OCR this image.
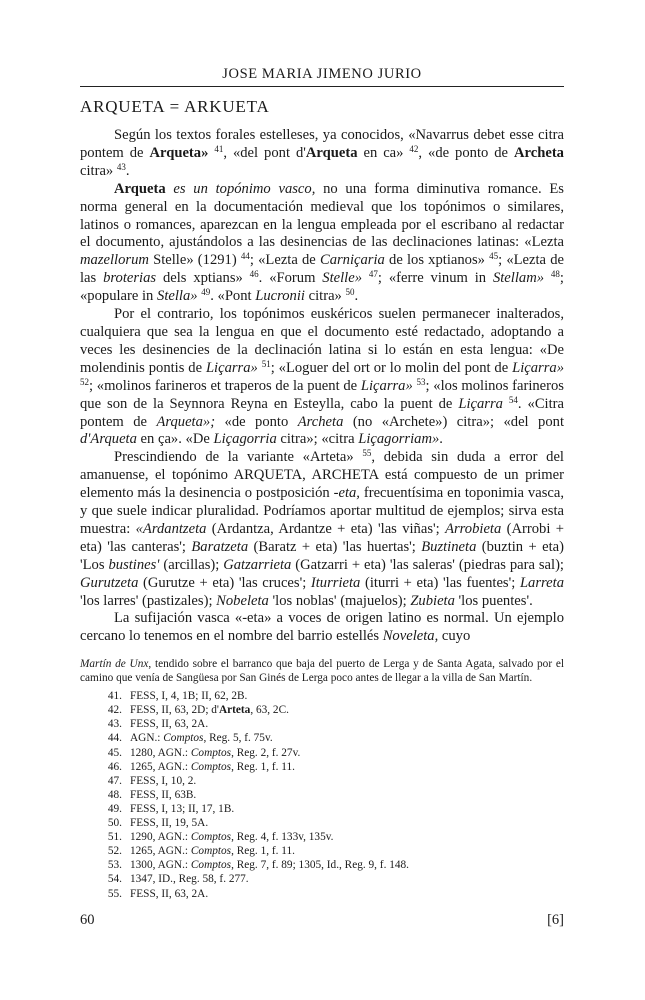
JOSE MARIA JIMENO JURIO
ARQUETA = ARKUETA

Según los textos forales estelleses, ya conocidos, «Navarrus debet esse citra pontem de Arqueta» $^{41}$, «del pont d'Arqueta en ca» $^{42}$, «de ponto de Archeta citra» $^{43}$.

Arqueta es un topónimo vasco, no una forma diminutiva romance. Es norma general en la documentación medieval que los topónimos o similares, latinos o romances, aparezcan en la lengua empleada por el escribano al redactar el documento, ajustándolos a las desinencias de las declinaciones latinas: «Lezta mazellorum Stelle» (1291) $^{44}$; «Lezta de Carniçaria de los xptianos» $^{45}$; «Lezta de las broterias dels xptians» $^{46}$. «Forum Stelle» $^{47}$; «ferre vinum in Stellam» $^{48}$; «populare in Stella» $^{49}$. «Pont Lucronii citra» $^{50}$.

Por el contrario, los topónimos euskéricos suelen permanecer inalterados, cualquiera que sea la lengua en que el documento esté redactado, adoptando a veces les desinencies de la declinación latina si lo están en esta lengua: «De molendinis pontis de Liçarra» $^{51}$; «Loguer del ort or lo molin del pont de Liçarra» $^{52}$; «molinos farineros et traperos de la puent de Liçarra» $^{53}$; «los molinos farineros que son de la Seynnora Reyna en Esteylla, cabo la puent de Liçarra $^{54}$. «Citra pontem de Arqueta»; «de ponto Archeta (no «Archete») citra»; «del pont d'Arqueta en ça». «De Liçagorria citra»; «citra Liçagorriam».

Prescindiendo de la variante «Arteta» $^{55}$, debida sin duda a error del amanuense, el topónimo ARQUETA, ARCHETA está compuesto de un primer elemento más la desinencia o postposición -eta, frecuentísima en toponimia vasca, y que suele indicar pluralidad. Podríamos aportar multitud de ejemplos; sirva esta muestra: «Ardantzeta (Ardantza, Ardantze + eta) 'las viñas'; Arrobieta (Arrobi + eta) 'las canteras'; Baratzeta (Baratz + eta) 'las huertas'; Buztineta (buztin + eta) 'Los bustines' (arcillas); Gatzarrieta (Gatzarri + eta) 'las saleras' (piedras para sal); Gurutzeta (Gurutze + eta) 'las cruces'; Iturrieta (iturri + eta) 'las fuentes'; Larreta 'los larres' (pastizales); Nobeleta 'los noblas' (majuelos); Zubieta 'los puentes'.

La sufijación vasca «-eta» a voces de origen latino es normal. Un ejemplo cercano lo tenemos en el nombre del barrio estellés Noveleta, cuyo

Martín de Unx, tendido sobre el barranco que baja del puerto de Lerga y de Santa Agata, salvado por el camino que venía de Sangüesa por San Ginés de Lerga poco antes de llegar a la villa de San Martín.

41. FESS, I, 4, 1B; II, 62, 2B.
42. FESS, II, 63, 2D; d'Arteta, 63, 2C.
43. FESS, II, 63, 2A.
44. AGN.: Comptos, Reg. 5, f. 75v.
45. 1280, AGN.: Comptos, Reg. 2, f. 27v.
46. 1265, AGN.: Comptos, Reg. 1, f. 11.
47. FESS, I, 10, 2.
48. FESS, II, 63B.
49. FESS, I, 13; II, 17, 1B.
50. FESS, II, 19, 5A.
51. 1290, AGN.: Comptos, Reg. 4, f. 133v, 135v.
52. 1265, AGN.: Comptos, Reg. 1, f. 11.
53. 1300, AGN.: Comptos, Reg. 7, f. 89; 1305, Id., Reg. 9, f. 148.
54. 1347, ID., Reg. 58, f. 277.
55. FESS, II, 63, 2A.
60	[6]
